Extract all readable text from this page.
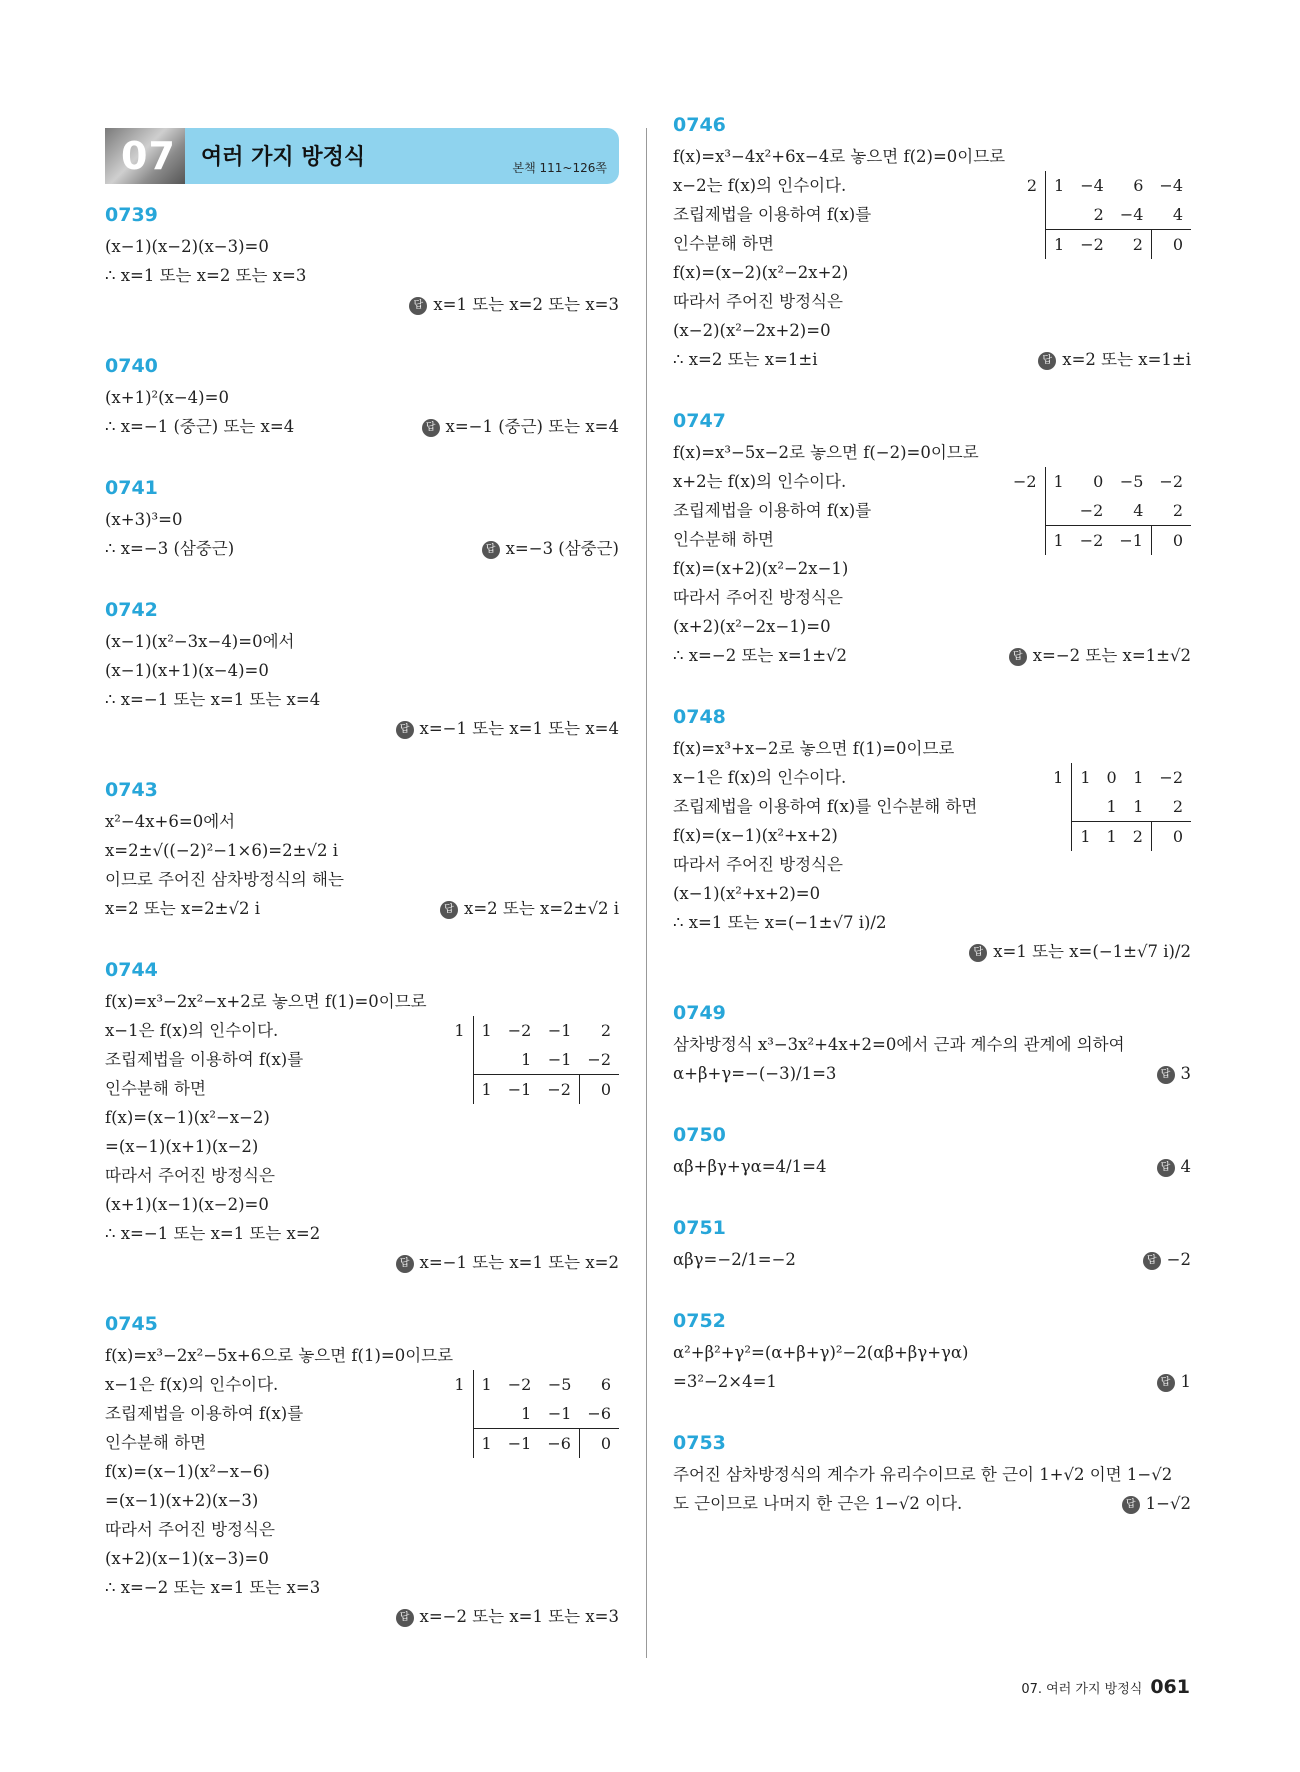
07 여러 가지 방정식	본책 111~126쪽
0739
(x−1)(x−2)(x−3)=0
∴ x=1 또는 x=2 또는 x=3
답 x=1 또는 x=2 또는 x=3
0740
(x+1)²(x−4)=0
∴ x=−1 (중근) 또는 x=4	답 x=−1 (중근) 또는 x=4
0741
(x+3)³=0
∴ x=−3 (삼중근)	답 x=−3 (삼중근)
0742
(x−1)(x²−3x−4)=0에서
(x−1)(x+1)(x−4)=0
∴ x=−1 또는 x=1 또는 x=4
답 x=−1 또는 x=1 또는 x=4
0743
x²−4x+6=0에서
x=2±√((−2)²−1×6)=2±√2 i
이므로 주어진 삼차방정식의 해는
x=2 또는 x=2±√2 i	답 x=2 또는 x=2±√2 i
0744
f(x)=x³−2x²−x+2로 놓으면 f(1)=0이므로
1	1	−2	−1	2
		1	−1	−2
	1	−1	−2	0
x−1은 f(x)의 인수이다.
조립제법을 이용하여 f(x)를
인수분해 하면
f(x)=(x−1)(x²−x−2)
=(x−1)(x+1)(x−2)
따라서 주어진 방정식은
(x+1)(x−1)(x−2)=0
∴ x=−1 또는 x=1 또는 x=2
답 x=−1 또는 x=1 또는 x=2
0745
f(x)=x³−2x²−5x+6으로 놓으면 f(1)=0이므로
1	1	−2	−5	6
		1	−1	−6
	1	−1	−6	0
x−1은 f(x)의 인수이다.
조립제법을 이용하여 f(x)를
인수분해 하면
f(x)=(x−1)(x²−x−6)
=(x−1)(x+2)(x−3)
따라서 주어진 방정식은
(x+2)(x−1)(x−3)=0
∴ x=−2 또는 x=1 또는 x=3
답 x=−2 또는 x=1 또는 x=3
0746
f(x)=x³−4x²+6x−4로 놓으면 f(2)=0이므로
2	1	−4	6	−4
		2	−4	4
	1	−2	2	0
x−2는 f(x)의 인수이다.
조립제법을 이용하여 f(x)를
인수분해 하면
f(x)=(x−2)(x²−2x+2)
따라서 주어진 방정식은
(x−2)(x²−2x+2)=0
∴ x=2 또는 x=1±i	답 x=2 또는 x=1±i
0747
f(x)=x³−5x−2로 놓으면 f(−2)=0이므로
−2	1	0	−5	−2
		−2	4	2
	1	−2	−1	0
x+2는 f(x)의 인수이다.
조립제법을 이용하여 f(x)를
인수분해 하면
f(x)=(x+2)(x²−2x−1)
따라서 주어진 방정식은
(x+2)(x²−2x−1)=0
∴ x=−2 또는 x=1±√2	답 x=−2 또는 x=1±√2
0748
f(x)=x³+x−2로 놓으면 f(1)=0이므로
1	1	0	1	−2
		1	1	2
	1	1	2	0
x−1은 f(x)의 인수이다.
조립제법을 이용하여 f(x)를 인수분해 하면
f(x)=(x−1)(x²+x+2)
따라서 주어진 방정식은
(x−1)(x²+x+2)=0
∴ x=1 또는 x=(−1±√7 i)/2
답 x=1 또는 x=(−1±√7 i)/2
0749
삼차방정식 x³−3x²+4x+2=0에서 근과 계수의 관계에 의하여
α+β+γ=−(−3)/1=3	답 3
0750
αβ+βγ+γα=4/1=4	답 4
0751
αβγ=−2/1=−2	답 −2
0752
α²+β²+γ²=(α+β+γ)²−2(αβ+βγ+γα)
=3²−2×4=1	답 1
0753
주어진 삼차방정식의 계수가 유리수이므로 한 근이 1+√2 이면 1−√2
도 근이므로 나머지 한 근은 1−√2 이다.	답 1−√2
07. 여러 가지 방정식 061
